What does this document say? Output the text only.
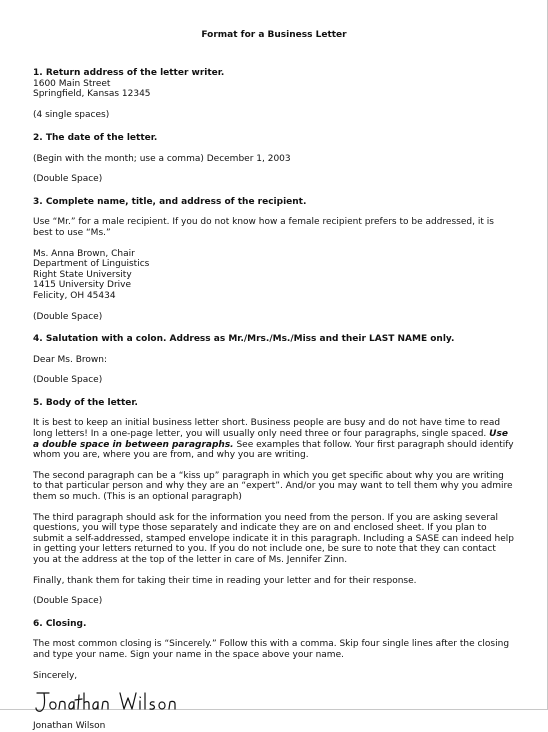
Format for a Business Letter

1. Return address of the letter writer.

1600 Main Street

Springfield, Kansas 12345

(4 single spaces)

2. The date of the letter.

(Begin with the month; use a comma) December 1, 2003

(Double Space)

3. Complete name, title, and address of the recipient.

Use “Mr.” for a male recipient. If you do not know how a female recipient prefers to be addressed, it is best to use “Ms.”

Ms. Anna Brown, Chair

Department of Linguistics

Right State University

1415 University Drive

Felicity, OH 45434

(Double Space)

4. Salutation with a colon. Address as Mr./Mrs./Ms./Miss and their LAST NAME only.

Dear Ms. Brown:

(Double Space)

5. Body of the letter.

It is best to keep an initial business letter short. Business people are busy and do not have time to read long letters! In a one-page letter, you will usually only need three or four paragraphs, single spaced. Use a double space in between paragraphs. See examples that follow. Your first paragraph should identify whom you are, where you are from, and why you are writing.

The second paragraph can be a “kiss up” paragraph in which you get specific about why you are writing to that particular person and why they are an “expert”. And/or you may want to tell them why you admire them so much. (This is an optional paragraph)

The third paragraph should ask for the information you need from the person. If you are asking several questions, you will type those separately and indicate they are on and enclosed sheet. If you plan to submit a self-addressed, stamped envelope indicate it in this paragraph. Including a SASE can indeed help in getting your letters returned to you. If you do not include one, be sure to note that they can contact you at the address at the top of the letter in care of Ms. Jennifer Zinn.

Finally, thank them for taking their time in reading your letter and for their response.

(Double Space)

6. Closing.

The most common closing is “Sincerely.” Follow this with a comma. Skip four single lines after the closing and type your name. Sign your name in the space above your name.

Sincerely,

Jonathan Wilson
